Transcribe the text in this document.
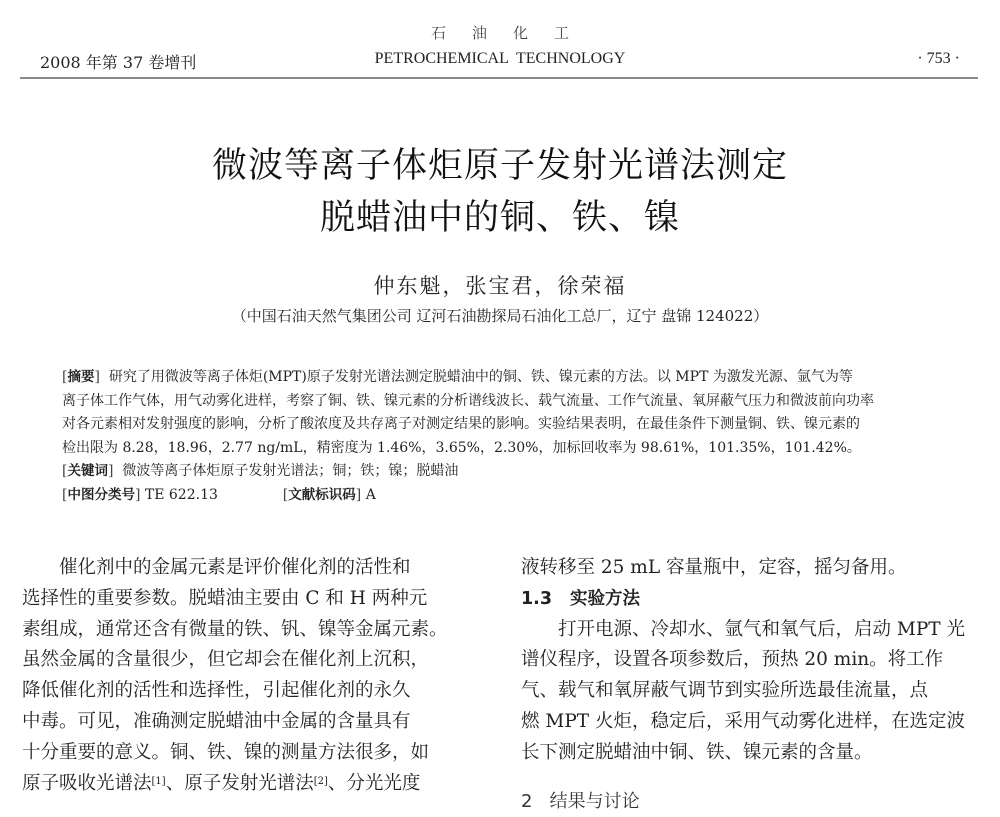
2008 年第 37 卷增刊
石油化工
PETROCHEMICAL  TECHNOLOGY	· 753 ·
微波等离子体炬原子发射光谱法测定
脱蜡油中的铜、铁、镍
仲东魁，张宝君，徐荣福
（中国石油天然气集团公司 辽河石油勘探局石油化工总厂，辽宁 盘锦 124022）
[摘要] 研究了用微波等离子体炬(MPT)原子发射光谱法测定脱蜡油中的铜、铁、镍元素的方法。以 MPT 为激发光源、氩气为等
离子体工作气体，用气动雾化进样，考察了铜、铁、镍元素的分析谱线波长、载气流量、工作气流量、氧屏蔽气压力和微波前向功率
对各元素相对发射强度的影响，分析了酸浓度及共存离子对测定结果的影响。实验结果表明，在最佳条件下测量铜、铁、镍元素的
检出限为 8.28，18.96，2.77 ng/mL，精密度为 1.46%，3.65%，2.30%，加标回收率为 98.61%，101.35%，101.42%。
[关键词] 微波等离子体炬原子发射光谱法；铜；铁；镍；脱蜡油
[中图分类号] TE 622.13	[文献标识码] A
催化剂中的金属元素是评价催化剂的活性和
选择性的重要参数。脱蜡油主要由 C 和 H 两种元
素组成，通常还含有微量的铁、钒、镍等金属元素。
虽然金属的含量很少，但它却会在催化剂上沉积，
降低催化剂的活性和选择性，引起催化剂的永久
中毒。可见，准确测定脱蜡油中金属的含量具有
十分重要的意义。铜、铁、镍的测量方法很多，如
原子吸收光谱法[1]、原子发射光谱法[2]、分光光度
液转移至 25 mL 容量瓶中，定容，摇匀备用。
1.3 实验方法
打开电源、冷却水、氩气和氧气后，启动 MPT 光
谱仪程序，设置各项参数后，预热 20 min。将工作
气、载气和氧屏蔽气调节到实验所选最佳流量，点
燃 MPT 火炬，稳定后，采用气动雾化进样，在选定波
长下测定脱蜡油中铜、铁、镍元素的含量。
2   结果与讨论
